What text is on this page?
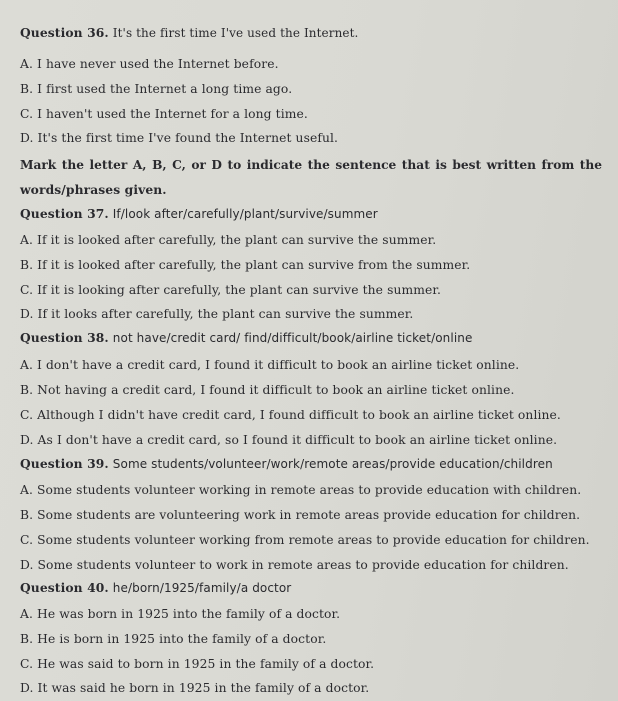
Question 36. It's the first time I've used the Internet.
A. I have never used the Internet before.
B. I first used the Internet a long time ago.
C. I haven't used the Internet for a long time.
D. It's the first time I've found the Internet useful.
Mark the letter A, B, C, or D to indicate the sentence that is best written from the
words/phrases given.
Question 37. If/look after/carefully/plant/survive/summer
A. If it is looked after carefully, the plant can survive the summer.
B. If it is looked after carefully, the plant can survive from the summer.
C. If it is looking after carefully, the plant can survive the summer.
D. If it looks after carefully, the plant can survive the summer.
Question 38. not have/credit card/ find/difficult/book/airline ticket/online
A. I don't have a credit card, I found it difficult to book an airline ticket online.
B. Not having a credit card, I found it difficult to book an airline ticket online.
C. Although I didn't have credit card, I found difficult to book an airline ticket online.
D. As I don't have a credit card, so I found it difficult to book an airline ticket online.
Question 39. Some students/volunteer/work/remote areas/provide education/children
A. Some students volunteer working in remote areas to provide education with children.
B. Some students are volunteering work in remote areas provide education for children.
C. Some students volunteer working from remote areas to provide education for children.
D. Some students volunteer to work in remote areas to provide education for children.
Question 40. he/born/1925/family/a doctor
A. He was born in 1925 into the family of a doctor.
B. He is born in 1925 into the family of a doctor.
C. He was said to born in 1925 in the family of a doctor.
D. It was said he born in 1925 in the family of a doctor.
